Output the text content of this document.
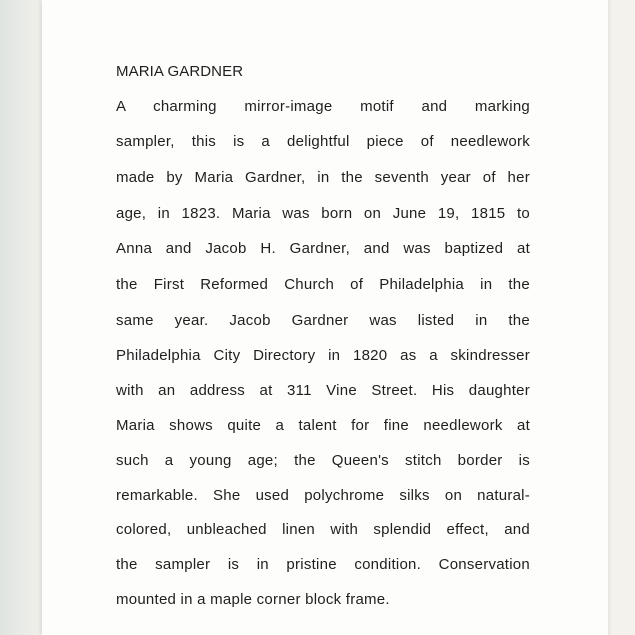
MARIA GARDNER
A charming mirror-image motif and marking
sampler, this is a delightful piece of needlework
made by Maria Gardner, in the seventh year of her
age, in 1823. Maria was born on June 19, 1815 to
Anna and Jacob H. Gardner, and was baptized at
the First Reformed Church of Philadelphia in the
same year. Jacob Gardner was listed in the
Philadelphia City Directory in 1820 as a skindresser
with an address at 311 Vine Street. His daughter
Maria shows quite a talent for fine needlework at
such a young age; the Queen's stitch border is
remarkable. She used polychrome silks on natural-
colored, unbleached linen with splendid effect, and
the sampler is in pristine condition. Conservation
mounted in a maple corner block frame.
